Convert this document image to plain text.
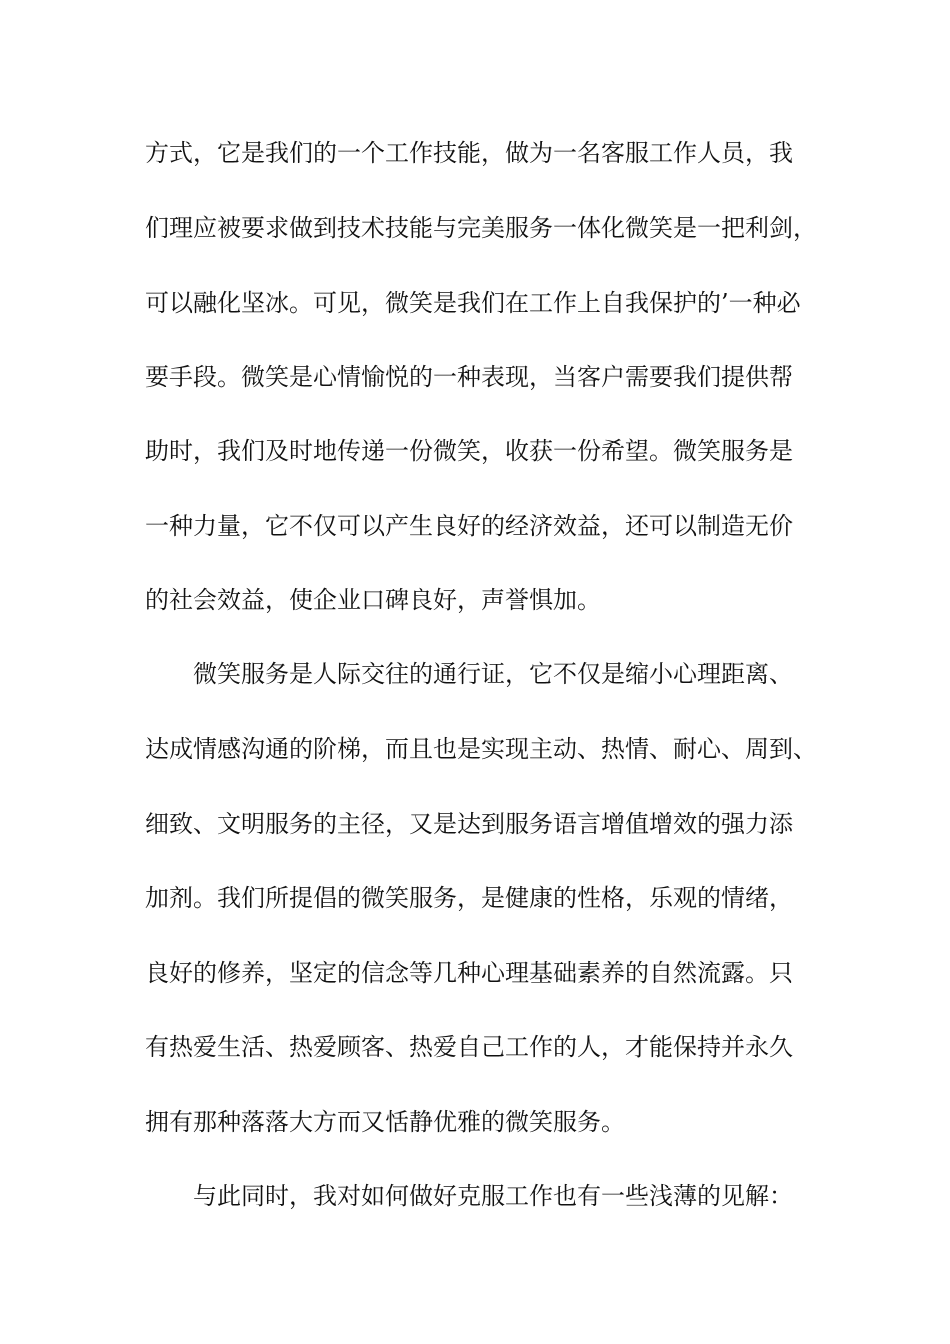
方式，它是我们的一个工作技能，做为一名客服工作人员，我
们理应被要求做到技术技能与完美服务一体化微笑是一把利剑，
可以融化坚冰。可见，微笑是我们在工作上自我保护的’一种必
要手段。微笑是心情愉悦的一种表现，当客户需要我们提供帮
助时，我们及时地传递一份微笑，收获一份希望。微笑服务是
一种力量，它不仅可以产生良好的经济效益，还可以制造无价
的社会效益，使企业口碑良好，声誉惧加。
微笑服务是人际交往的通行证，它不仅是缩小心理距离、
达成情感沟通的阶梯，而且也是实现主动、热情、耐心、周到、
细致、文明服务的主径，又是达到服务语言增值增效的强力添
加剂。我们所提倡的微笑服务，是健康的性格，乐观的情绪，
良好的修养，坚定的信念等几种心理基础素养的自然流露。只
有热爱生活、热爱顾客、热爱自己工作的人，才能保持并永久
拥有那种落落大方而又恬静优雅的微笑服务。
与此同时，我对如何做好克服工作也有一些浅薄的见解：
